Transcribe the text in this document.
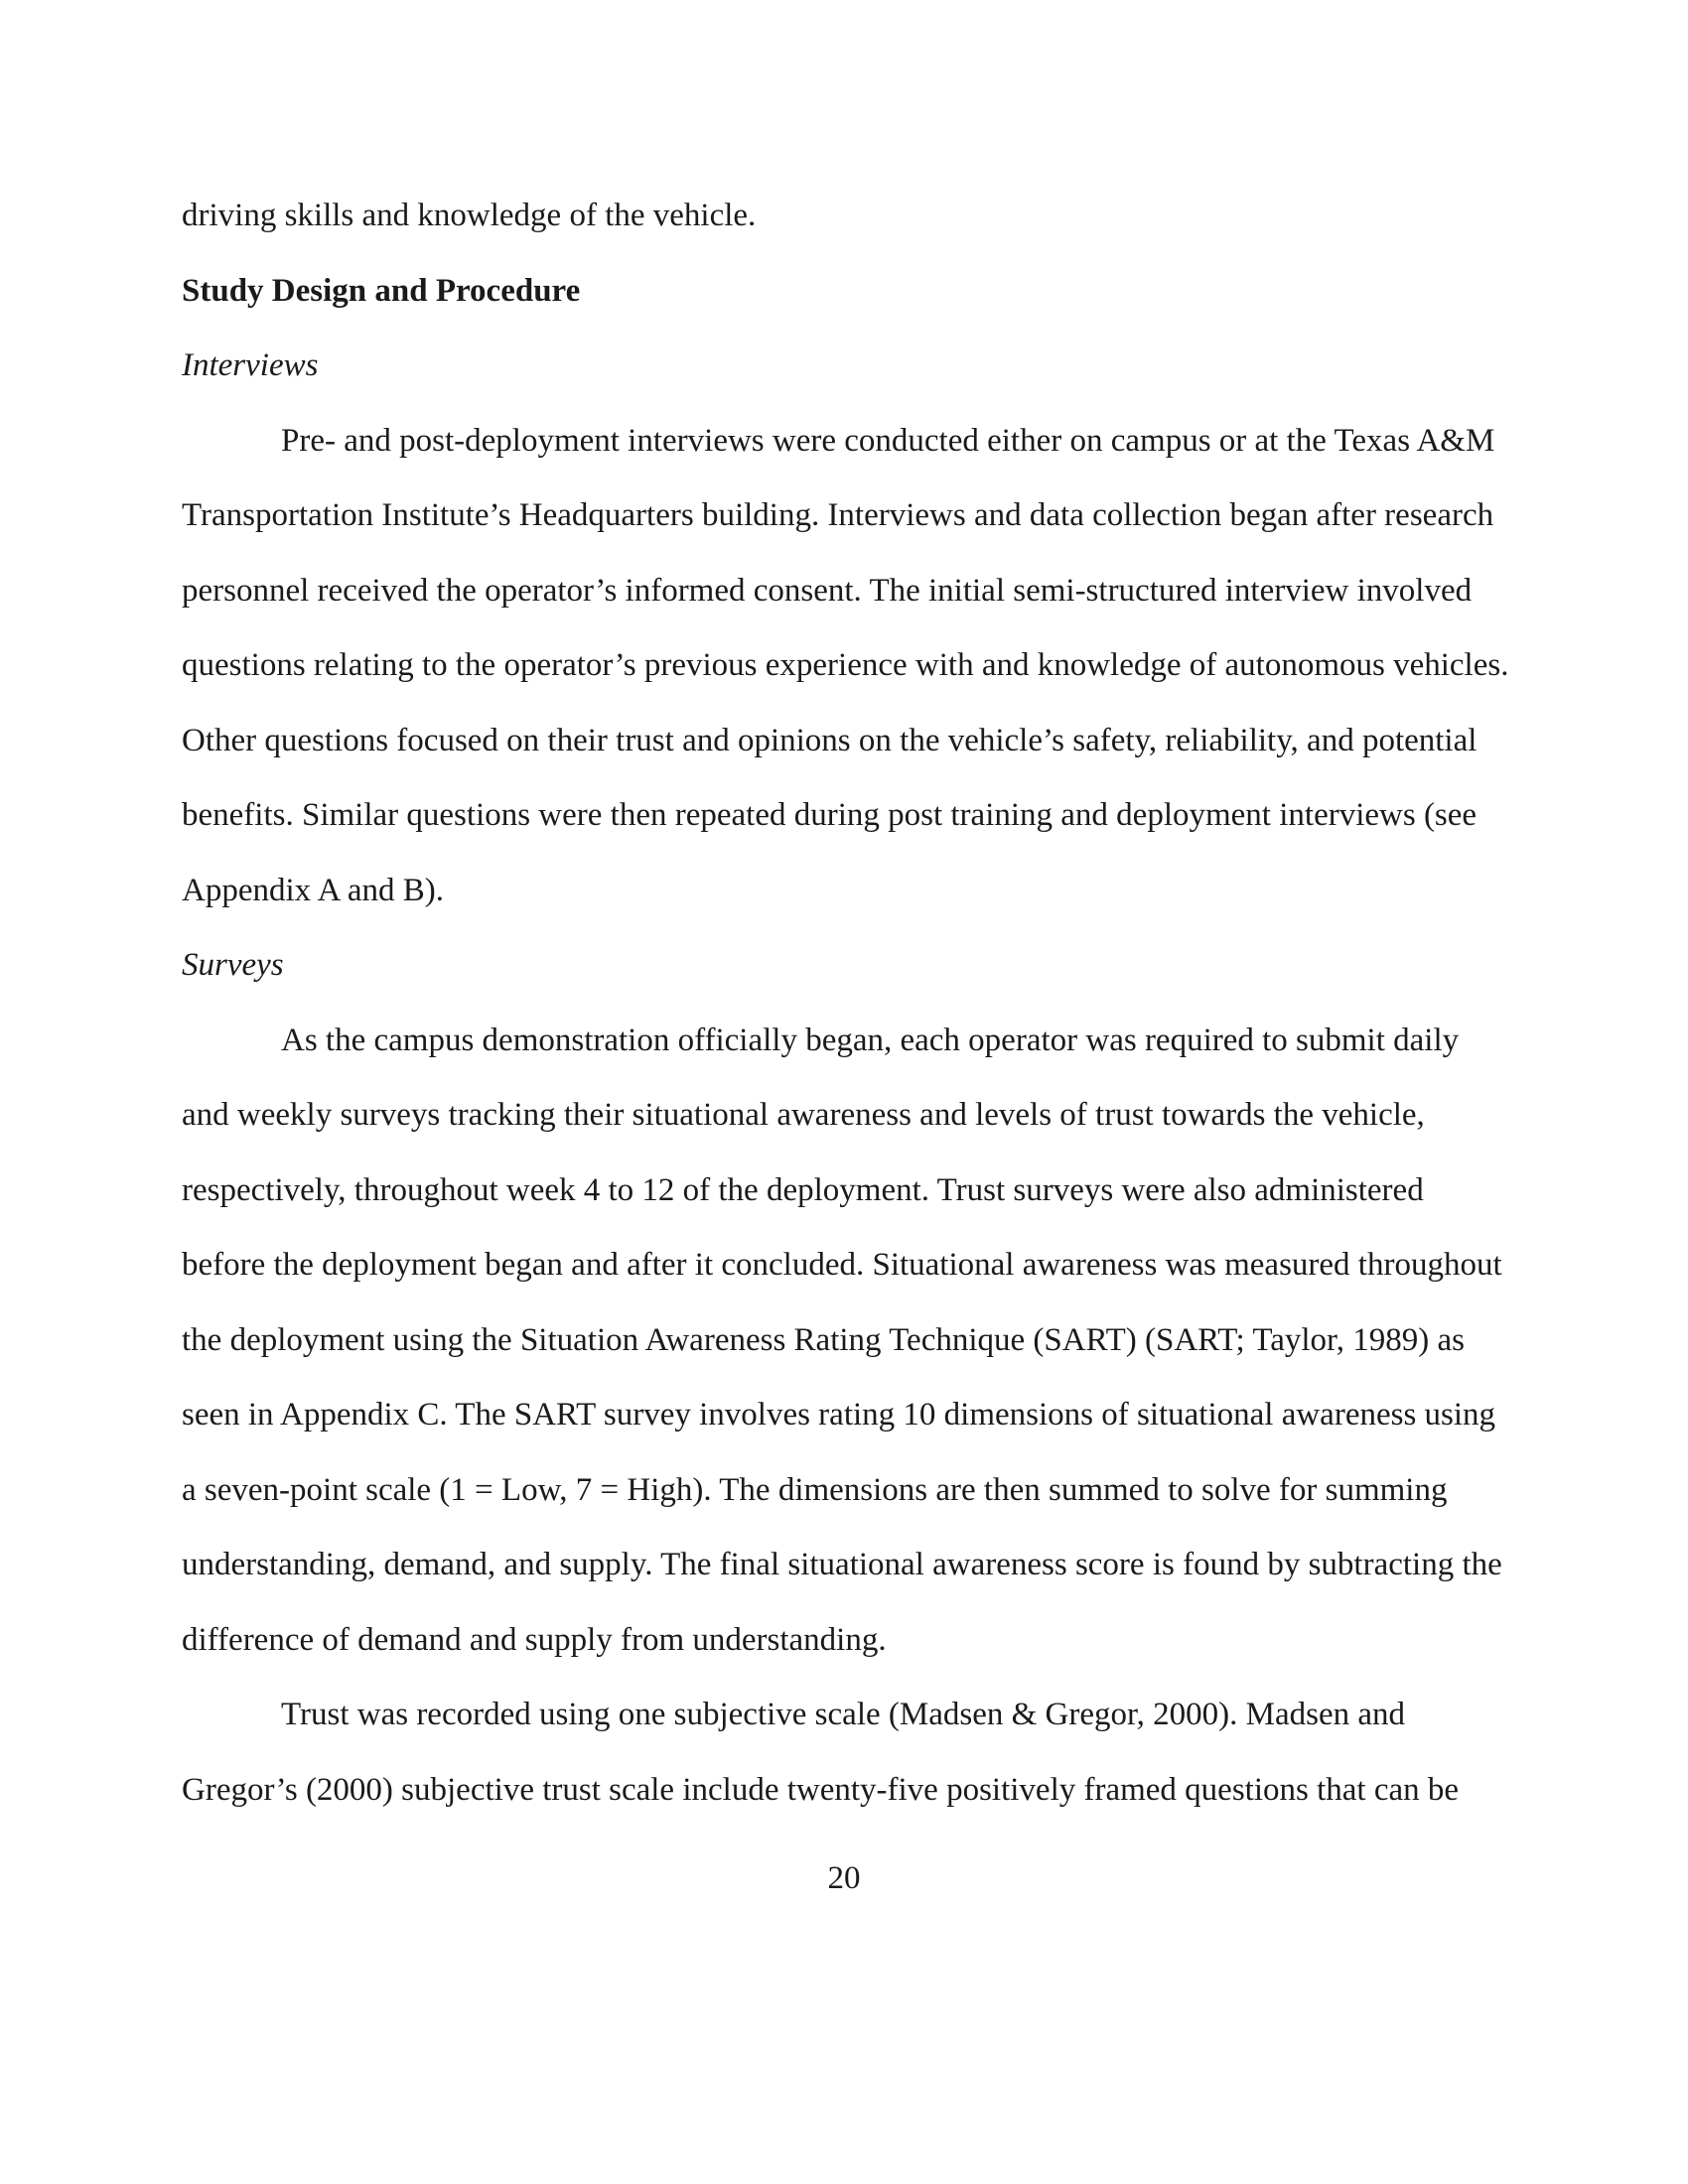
driving skills and knowledge of the vehicle.

Study Design and Procedure

Interviews

Pre- and post-deployment interviews were conducted either on campus or at the Texas A&M Transportation Institute’s Headquarters building. Interviews and data collection began after research personnel received the operator’s informed consent. The initial semi-structured interview involved questions relating to the operator’s previous experience with and knowledge of autonomous vehicles. Other questions focused on their trust and opinions on the vehicle’s safety, reliability, and potential benefits. Similar questions were then repeated during post training and deployment interviews (see Appendix A and B).

Surveys

As the campus demonstration officially began, each operator was required to submit daily and weekly surveys tracking their situational awareness and levels of trust towards the vehicle, respectively, throughout week 4 to 12 of the deployment. Trust surveys were also administered before the deployment began and after it concluded. Situational awareness was measured throughout the deployment using the Situation Awareness Rating Technique (SART) (SART; Taylor, 1989) as seen in Appendix C. The SART survey involves rating 10 dimensions of situational awareness using a seven-point scale (1 = Low, 7 = High). The dimensions are then summed to solve for summing understanding, demand, and supply. The final situational awareness score is found by subtracting the difference of demand and supply from understanding.

Trust was recorded using one subjective scale (Madsen & Gregor, 2000). Madsen and Gregor’s (2000) subjective trust scale include twenty-five positively framed questions that can be

20
